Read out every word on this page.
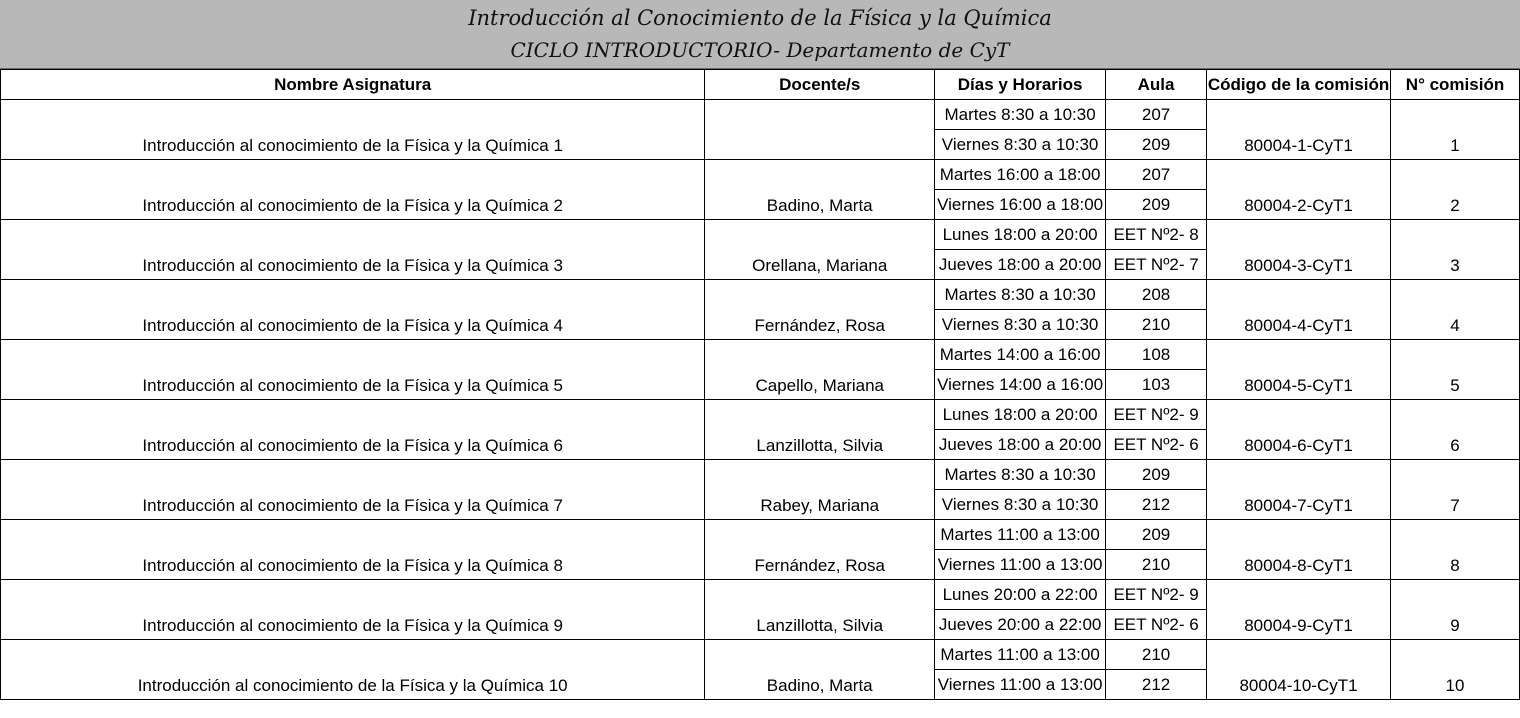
Introducción al Conocimiento de la Física y la Química
CICLO INTRODUCTORIO- Departamento de CyT
Nombre Asignatura	Docente/s	Días y Horarios	Aula	Código de la comisión	N° comisión
Introducción al conocimiento de la Física y la Química 1		Martes 8:30 a 10:30	207	80004-1-CyT1	1
		Viernes 8:30 a 10:30	209		
Introducción al conocimiento de la Física y la Química 2	Badino, Marta	Martes 16:00 a 18:00	207	80004-2-CyT1	2
		Viernes 16:00 a 18:00	209		
Introducción al conocimiento de la Física y la Química 3	Orellana, Mariana	Lunes 18:00 a 20:00	EET Nº2- 8	80004-3-CyT1	3
		Jueves 18:00 a 20:00	EET Nº2- 7		
Introducción al conocimiento de la Física y la Química 4	Fernández, Rosa	Martes 8:30 a 10:30	208	80004-4-CyT1	4
		Viernes 8:30 a 10:30	210		
Introducción al conocimiento de la Física y la Química 5	Capello, Mariana	Martes 14:00 a 16:00	108	80004-5-CyT1	5
		Viernes 14:00 a 16:00	103		
Introducción al conocimiento de la Física y la Química 6	Lanzillotta, Silvia	Lunes 18:00 a 20:00	EET Nº2- 9	80004-6-CyT1	6
		Jueves 18:00 a 20:00	EET Nº2- 6		
Introducción al conocimiento de la Física y la Química 7	Rabey, Mariana	Martes 8:30 a 10:30	209	80004-7-CyT1	7
		Viernes 8:30 a 10:30	212		
Introducción al conocimiento de la Física y la Química 8	Fernández, Rosa	Martes 11:00 a 13:00	209	80004-8-CyT1	8
		Viernes 11:00 a 13:00	210		
Introducción al conocimiento de la Física y la Química 9	Lanzillotta, Silvia	Lunes 20:00 a 22:00	EET Nº2- 9	80004-9-CyT1	9
		Jueves 20:00 a 22:00	EET Nº2- 6		
Introducción al conocimiento de la Física y la Química 10	Badino, Marta	Martes 11:00 a 13:00	210	80004-10-CyT1	10
		Viernes 11:00 a 13:00	212		
